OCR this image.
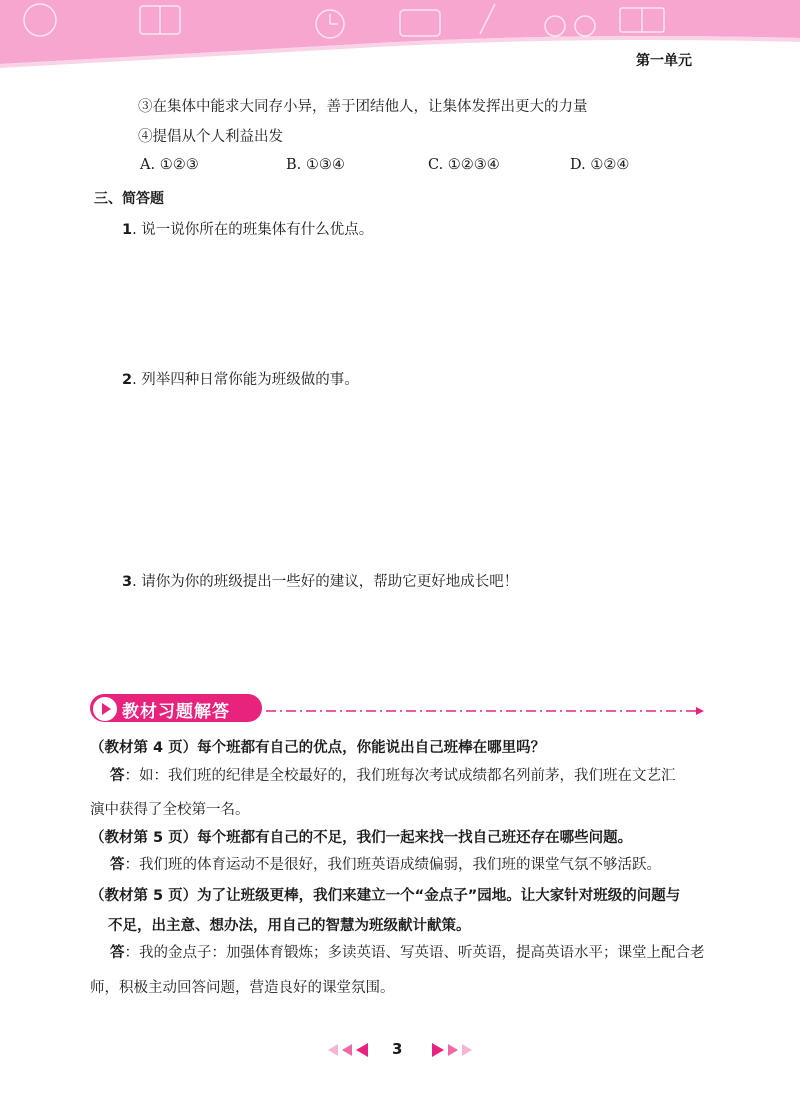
第一单元
③在集体中能求大同存小异，善于团结他人，让集体发挥出更大的力量
④提倡从个人利益出发
A. ①②③	B. ①③④	C. ①②③④	D. ①②④
三、简答题
1. 说一说你所在的班集体有什么优点。
2. 列举四种日常你能为班级做的事。
3. 请你为你的班级提出一些好的建议，帮助它更好地成长吧！
教材习题解答
（教材第 4 页）每个班都有自己的优点，你能说出自己班棒在哪里吗？
答：如：我们班的纪律是全校最好的，我们班每次考试成绩都名列前茅，我们班在文艺汇
演中获得了全校第一名。
（教材第 5 页）每个班都有自己的不足，我们一起来找一找自己班还存在哪些问题。
答：我们班的体育运动不是很好，我们班英语成绩偏弱，我们班的课堂气氛不够活跃。
（教材第 5 页）为了让班级更棒，我们来建立一个“金点子”园地。让大家针对班级的问题与
不足，出主意、想办法，用自己的智慧为班级献计献策。
答：我的金点子：加强体育锻炼；多读英语、写英语、听英语，提高英语水平；课堂上配合老
师，积极主动回答问题，营造良好的课堂氛围。
3
